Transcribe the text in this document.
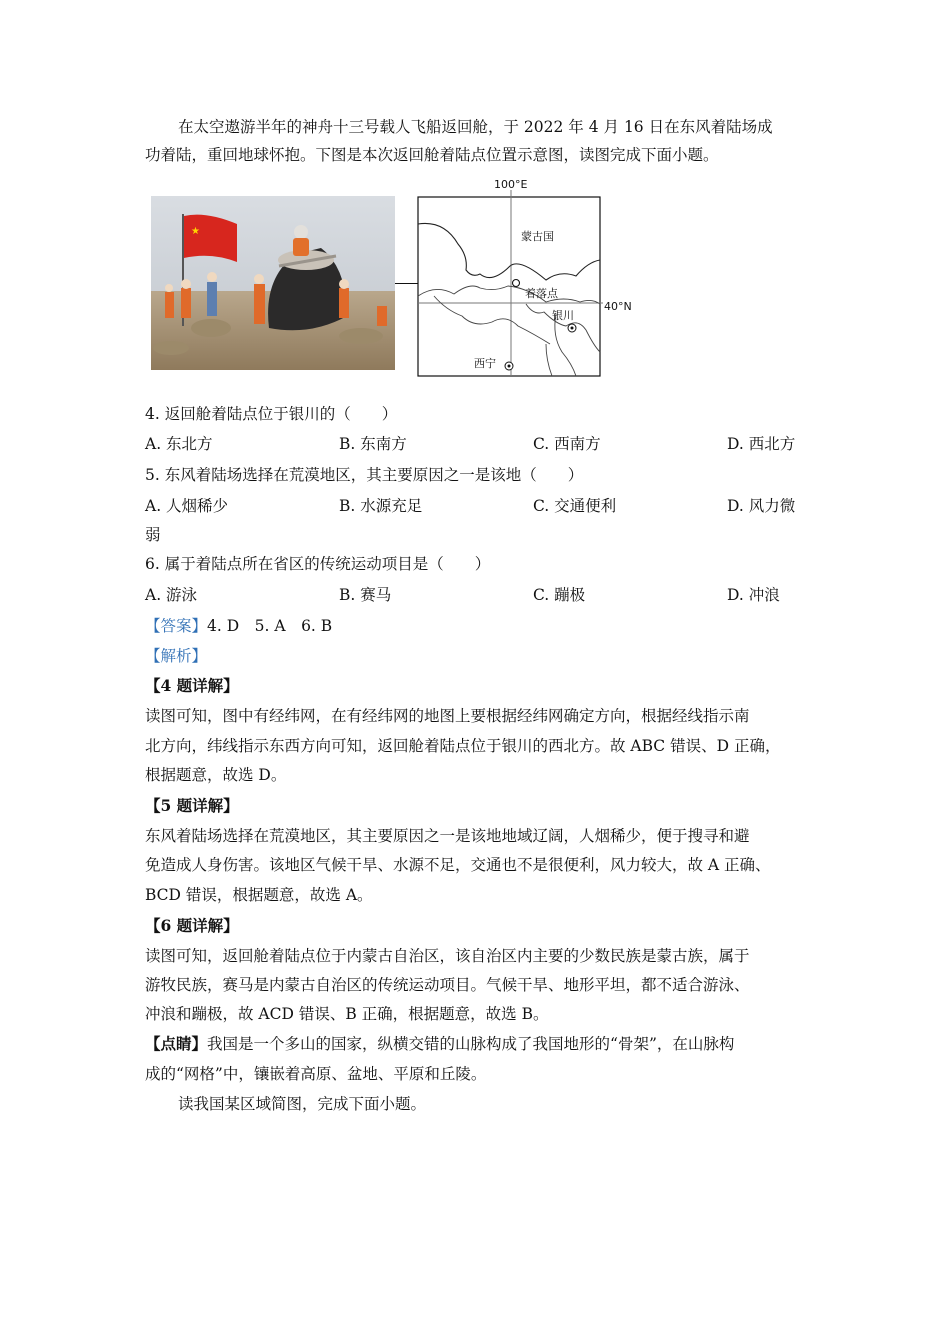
在太空遨游半年的神舟十三号载人飞船返回舱，于 2022 年 4 月 16 日在东风着陆场成
功着陆，重回地球怀抱。下图是本次返回舱着陆点位置示意图，读图完成下面小题。
★
100°E
40°N
蒙古国
着落点
银川
西宁
4. 返回舱着陆点位于银川的（　　）
A. 东北方	B. 东南方	C. 西南方	D. 西北方
5. 东风着陆场选择在荒漠地区，其主要原因之一是该地（　　）
A. 人烟稀少	B. 水源充足	C. 交通便利	D. 风力微
弱
6. 属于着陆点所在省区的传统运动项目是（　　）
A. 游泳	B. 赛马	C. 蹦极	D. 冲浪
【答案】4. D　5. A　6. B
【解析】
【4 题详解】
读图可知，图中有经纬网，在有经纬网的地图上要根据经纬网确定方向，根据经线指示南
北方向，纬线指示东西方向可知，返回舱着陆点位于银川的西北方。故 ABC 错误、D 正确，
根据题意，故选 D。
【5 题详解】
东风着陆场选择在荒漠地区，其主要原因之一是该地地域辽阔，人烟稀少，便于搜寻和避
免造成人身伤害。该地区气候干旱、水源不足，交通也不是很便利，风力较大，故 A 正确、
BCD 错误，根据题意，故选 A。
【6 题详解】
读图可知，返回舱着陆点位于内蒙古自治区，该自治区内主要的少数民族是蒙古族，属于
游牧民族，赛马是内蒙古自治区的传统运动项目。气候干旱、地形平坦，都不适合游泳、
冲浪和蹦极，故 ACD 错误、B 正确，根据题意，故选 B。
【点睛】我国是一个多山的国家，纵横交错的山脉构成了我国地形的“骨架”，在山脉构
成的“网格”中，镶嵌着高原、盆地、平原和丘陵。
读我国某区域简图，完成下面小题。
